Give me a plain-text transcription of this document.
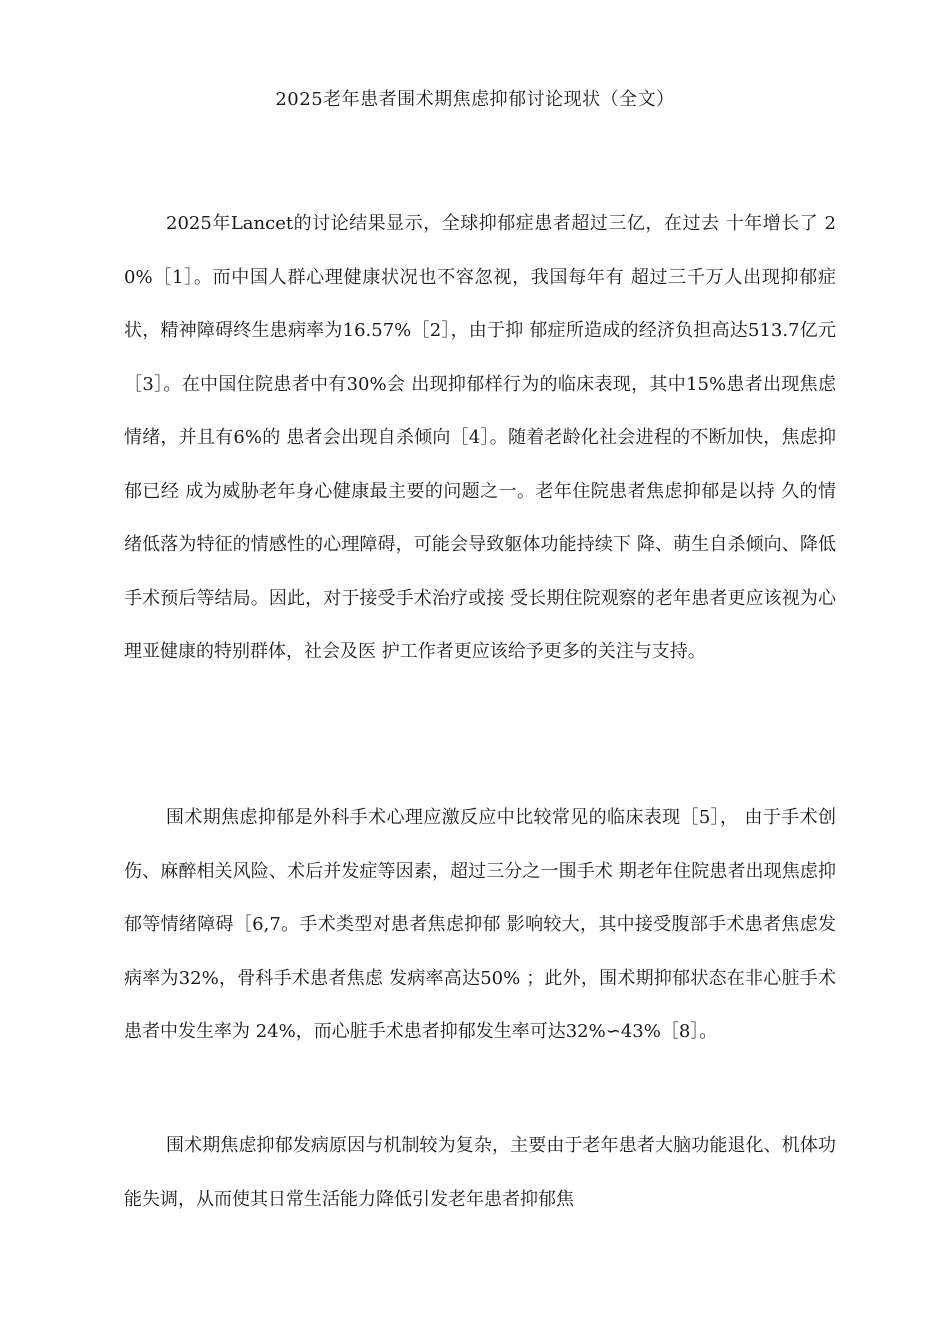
2025老年患者围术期焦虑抑郁讨论现状（全文）

2025年Lancet的讨论结果显示，全球抑郁症患者超过三亿，在过去 十年增长了 20%［1］。而中国人群心理健康状况也不容忽视，我国每年有 超过三千万人出现抑郁症状，精神障碍终生患病率为16.57%［2］，由于抑 郁症所造成的经济负担高达513.7亿元［3］。在中国住院患者中有30%会 出现抑郁样行为的临床表现，其中15%患者出现焦虑情绪，并且有6%的 患者会出现自杀倾向［4］。随着老龄化社会进程的不断加快，焦虑抑郁已经 成为威胁老年身心健康最主要的问题之一。老年住院患者焦虑抑郁是以持 久的情绪低落为特征的情感性的心理障碍，可能会导致躯体功能持续下 降、萌生自杀倾向、降低手术预后等结局。因此，对于接受手术治疗或接 受长期住院观察的老年患者更应该视为心理亚健康的特别群体，社会及医 护工作者更应该给予更多的关注与支持。

围术期焦虑抑郁是外科手术心理应激反应中比较常见的临床表现［5］， 由于手术创伤、麻醉相关风险、术后并发症等因素，超过三分之一围手术 期老年住院患者出现焦虑抑郁等情绪障碍［6,7。手术类型对患者焦虑抑郁 影响较大，其中接受腹部手术患者焦虑发病率为32%，骨科手术患者焦虑 发病率高达50% ；此外，围术期抑郁状态在非心脏手术患者中发生率为 24%，而心脏手术患者抑郁发生率可达32%∽43%［8］。

围术期焦虑抑郁发病原因与机制较为复杂，主要由于老年患者大脑功能退化、机体功能失调，从而使其日常生活能力降低引发老年患者抑郁焦
